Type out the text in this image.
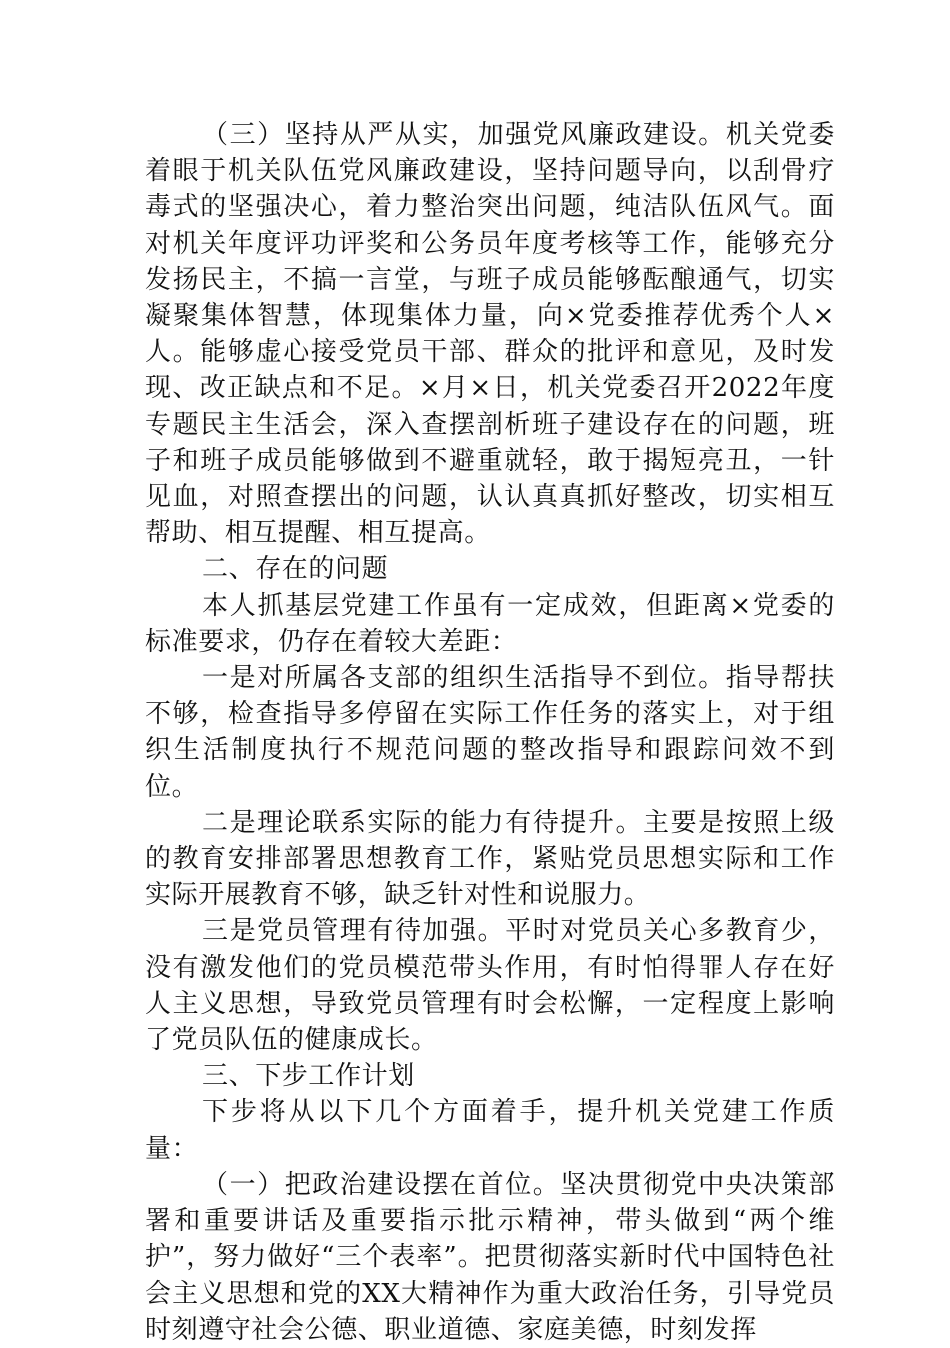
（三）坚持从严从实，加强党风廉政建设。机关党委着眼于机关队伍党风廉政建设，坚持问题导向，以刮骨疗毒式的坚强决心，着力整治突出问题，纯洁队伍风气。面对机关年度评功评奖和公务员年度考核等工作，能够充分发扬民主，不搞一言堂，与班子成员能够酝酿通气，切实凝聚集体智慧，体现集体力量，向×党委推荐优秀个人×人。能够虚心接受党员干部、群众的批评和意见，及时发现、改正缺点和不足。×月×日，机关党委召开2022年度专题民主生活会，深入查摆剖析班子建设存在的问题，班子和班子成员能够做到不避重就轻，敢于揭短亮丑，一针见血，对照查摆出的问题，认认真真抓好整改，切实相互帮助、相互提醒、相互提高。

二、存在的问题

本人抓基层党建工作虽有一定成效，但距离×党委的标准要求，仍存在着较大差距：

一是对所属各支部的组织生活指导不到位。指导帮扶不够，检查指导多停留在实际工作任务的落实上，对于组织生活制度执行不规范问题的整改指导和跟踪问效不到位。

二是理论联系实际的能力有待提升。主要是按照上级的教育安排部署思想教育工作，紧贴党员思想实际和工作实际开展教育不够，缺乏针对性和说服力。

三是党员管理有待加强。平时对党员关心多教育少，没有激发他们的党员模范带头作用，有时怕得罪人存在好人主义思想，导致党员管理有时会松懈，一定程度上影响了党员队伍的健康成长。

三、下步工作计划

下步将从以下几个方面着手，提升机关党建工作质量：

（一）把政治建设摆在首位。坚决贯彻党中央决策部署和重要讲话及重要指示批示精神，带头做到“两个维护”，努力做好“三个表率”。把贯彻落实新时代中国特色社会主义思想和党的XX大精神作为重大政治任务，引导党员时刻遵守社会公德、职业道德、家庭美德，时刻发挥
